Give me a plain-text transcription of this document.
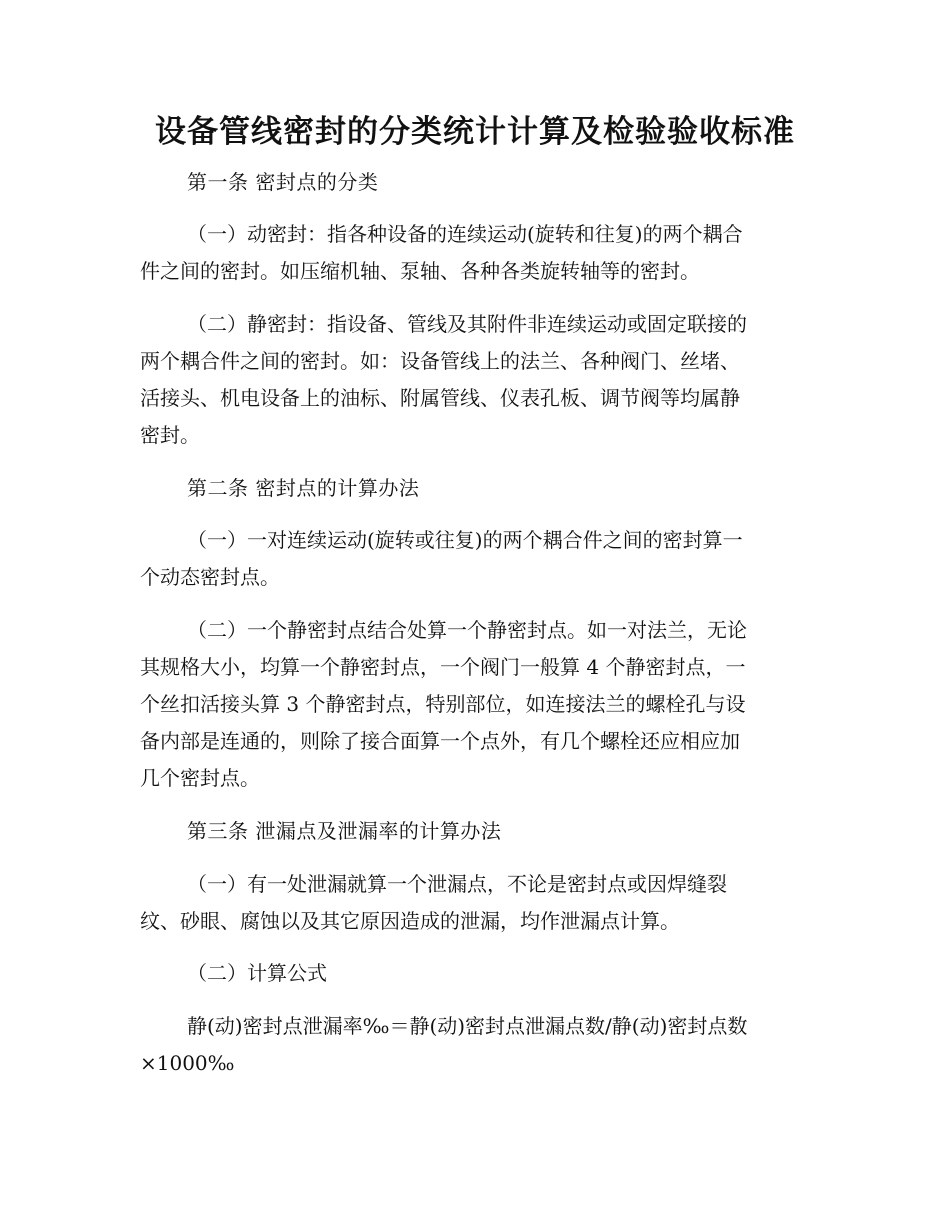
设备管线密封的分类统计计算及检验验收标准
第一条 密封点的分类
（一）动密封：指各种设备的连续运动(旋转和往复)的两个耦合
件之间的密封。如压缩机轴、泵轴、各种各类旋转轴等的密封。
（二）静密封：指设备、管线及其附件非连续运动或固定联接的
两个耦合件之间的密封。如：设备管线上的法兰、各种阀门、丝堵、
活接头、机电设备上的油标、附属管线、仪表孔板、调节阀等均属静
密封。
第二条 密封点的计算办法
（一）一对连续运动(旋转或往复)的两个耦合件之间的密封算一
个动态密封点。
（二）一个静密封点结合处算一个静密封点。如一对法兰，无论
其规格大小，均算一个静密封点，一个阀门一般算 4 个静密封点，一
个丝扣活接头算 3 个静密封点，特别部位，如连接法兰的螺栓孔与设
备内部是连通的，则除了接合面算一个点外，有几个螺栓还应相应加
几个密封点。
第三条 泄漏点及泄漏率的计算办法
（一）有一处泄漏就算一个泄漏点，不论是密封点或因焊缝裂
纹、砂眼、腐蚀以及其它原因造成的泄漏，均作泄漏点计算。
（二）计算公式
静(动)密封点泄漏率‰＝静(动)密封点泄漏点数/静(动)密封点数
×1000‰
